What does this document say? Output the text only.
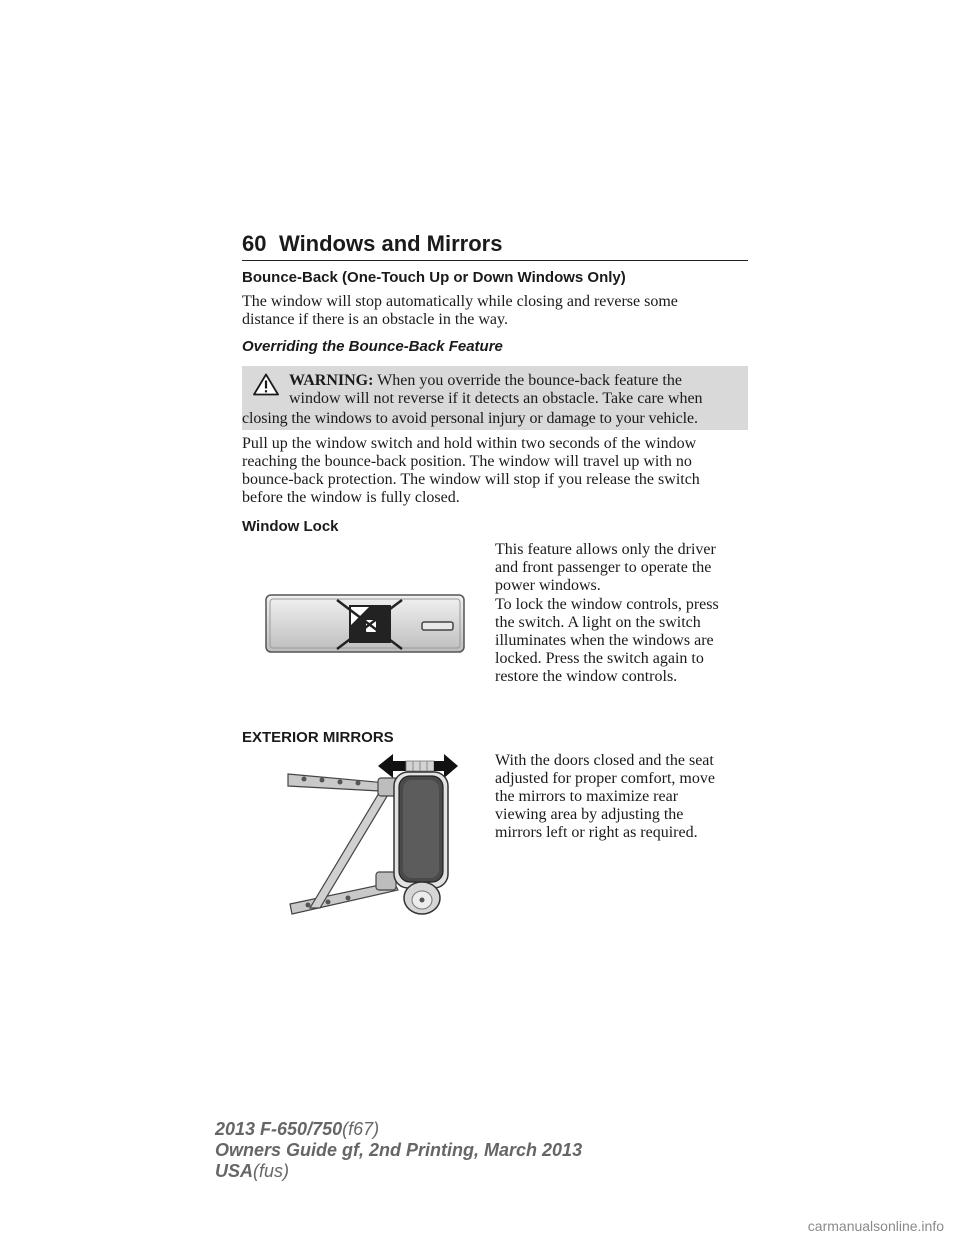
60 Windows and Mirrors
Bounce-Back (One-Touch Up or Down Windows Only)
The window will stop automatically while closing and reverse some
distance if there is an obstacle in the way.
Overriding the Bounce-Back Feature
WARNING: When you override the bounce-back feature the
window will not reverse if it detects an obstacle. Take care when
closing the windows to avoid personal injury or damage to your vehicle.
Pull up the window switch and hold within two seconds of the window
reaching the bounce-back position. The window will travel up with no
bounce-back protection. The window will stop if you release the switch
before the window is fully closed.
Window Lock
This feature allows only the driver
and front passenger to operate the
power windows.
To lock the window controls, press
the switch. A light on the switch
illuminates when the windows are
locked. Press the switch again to
restore the window controls.
EXTERIOR MIRRORS
With the doors closed and the seat
adjusted for proper comfort, move
the mirrors to maximize rear
viewing area by adjusting the
mirrors left or right as required.
2013 F-650/750(f67)
Owners Guide gf, 2nd Printing, March 2013
USA(fus)
carmanualsonline.info
